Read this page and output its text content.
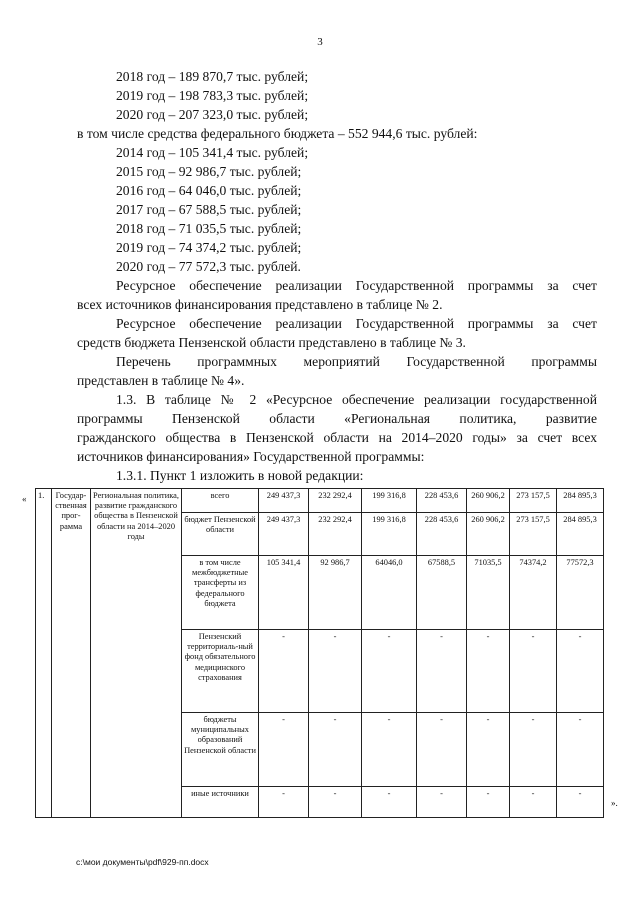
3
2018 год – 189 870,7 тыс. рублей;
2019 год – 198 783,3 тыс. рублей;
2020 год – 207 323,0 тыс. рублей;
в том числе средства федерального бюджета – 552 944,6 тыс. рублей:
2014 год – 105 341,4 тыс. рублей;
2015 год – 92 986,7 тыс. рублей;
2016 год – 64 046,0 тыс. рублей;
2017 год – 67 588,5 тыс. рублей;
2018 год – 71 035,5 тыс. рублей;
2019 год – 74 374,2 тыс. рублей;
2020 год – 77 572,3 тыс. рублей.
Ресурсное обеспечение реализации Государственной программы за счет
всех источников финансирования представлено в таблице № 2.
Ресурсное обеспечение реализации Государственной программы за счет
средств бюджета Пензенской области представлено в таблице № 3.
Перечень программных мероприятий Государственной программы
представлен в таблице № 4».
1.3. В таблице № 2 «Ресурсное обеспечение реализации государственной
программы Пензенской области «Региональная политика, развитие
гражданского общества в Пензенской области на 2014–2020 годы» за счет всех
источников финансирования» Государственной программы:
1.3.1. Пункт 1 изложить в новой редакции:
« 1.	Государ-ственная прог-рамма	Региональная политика, развитие гражданского общества в Пензенской области на 2014–2020 годы	всего	249 437,3	232 292,4	199 316,8	228 453,6	260 906,2	273 157,5	284 895,3
			бюджет Пензенской области	249 437,3	232 292,4	199 316,8	228 453,6	260 906,2	273 157,5	284 895,3
			в том числе межбюджетные трансферты из федерального бюджета	105 341,4	92 986,7	64046,0	67588,5	71035,5	74374,2	77572,3
			Пензенский территориаль-ный фонд обязательного медицинского страхования	-	-	-	-	-	-	-
			бюджеты муниципальных образований Пензенской области	-	-	-	-	-	-	-
			иные источники	-	-	-	-	-	-	-
».
c:\мои документы\pdf\929-пп.docx
